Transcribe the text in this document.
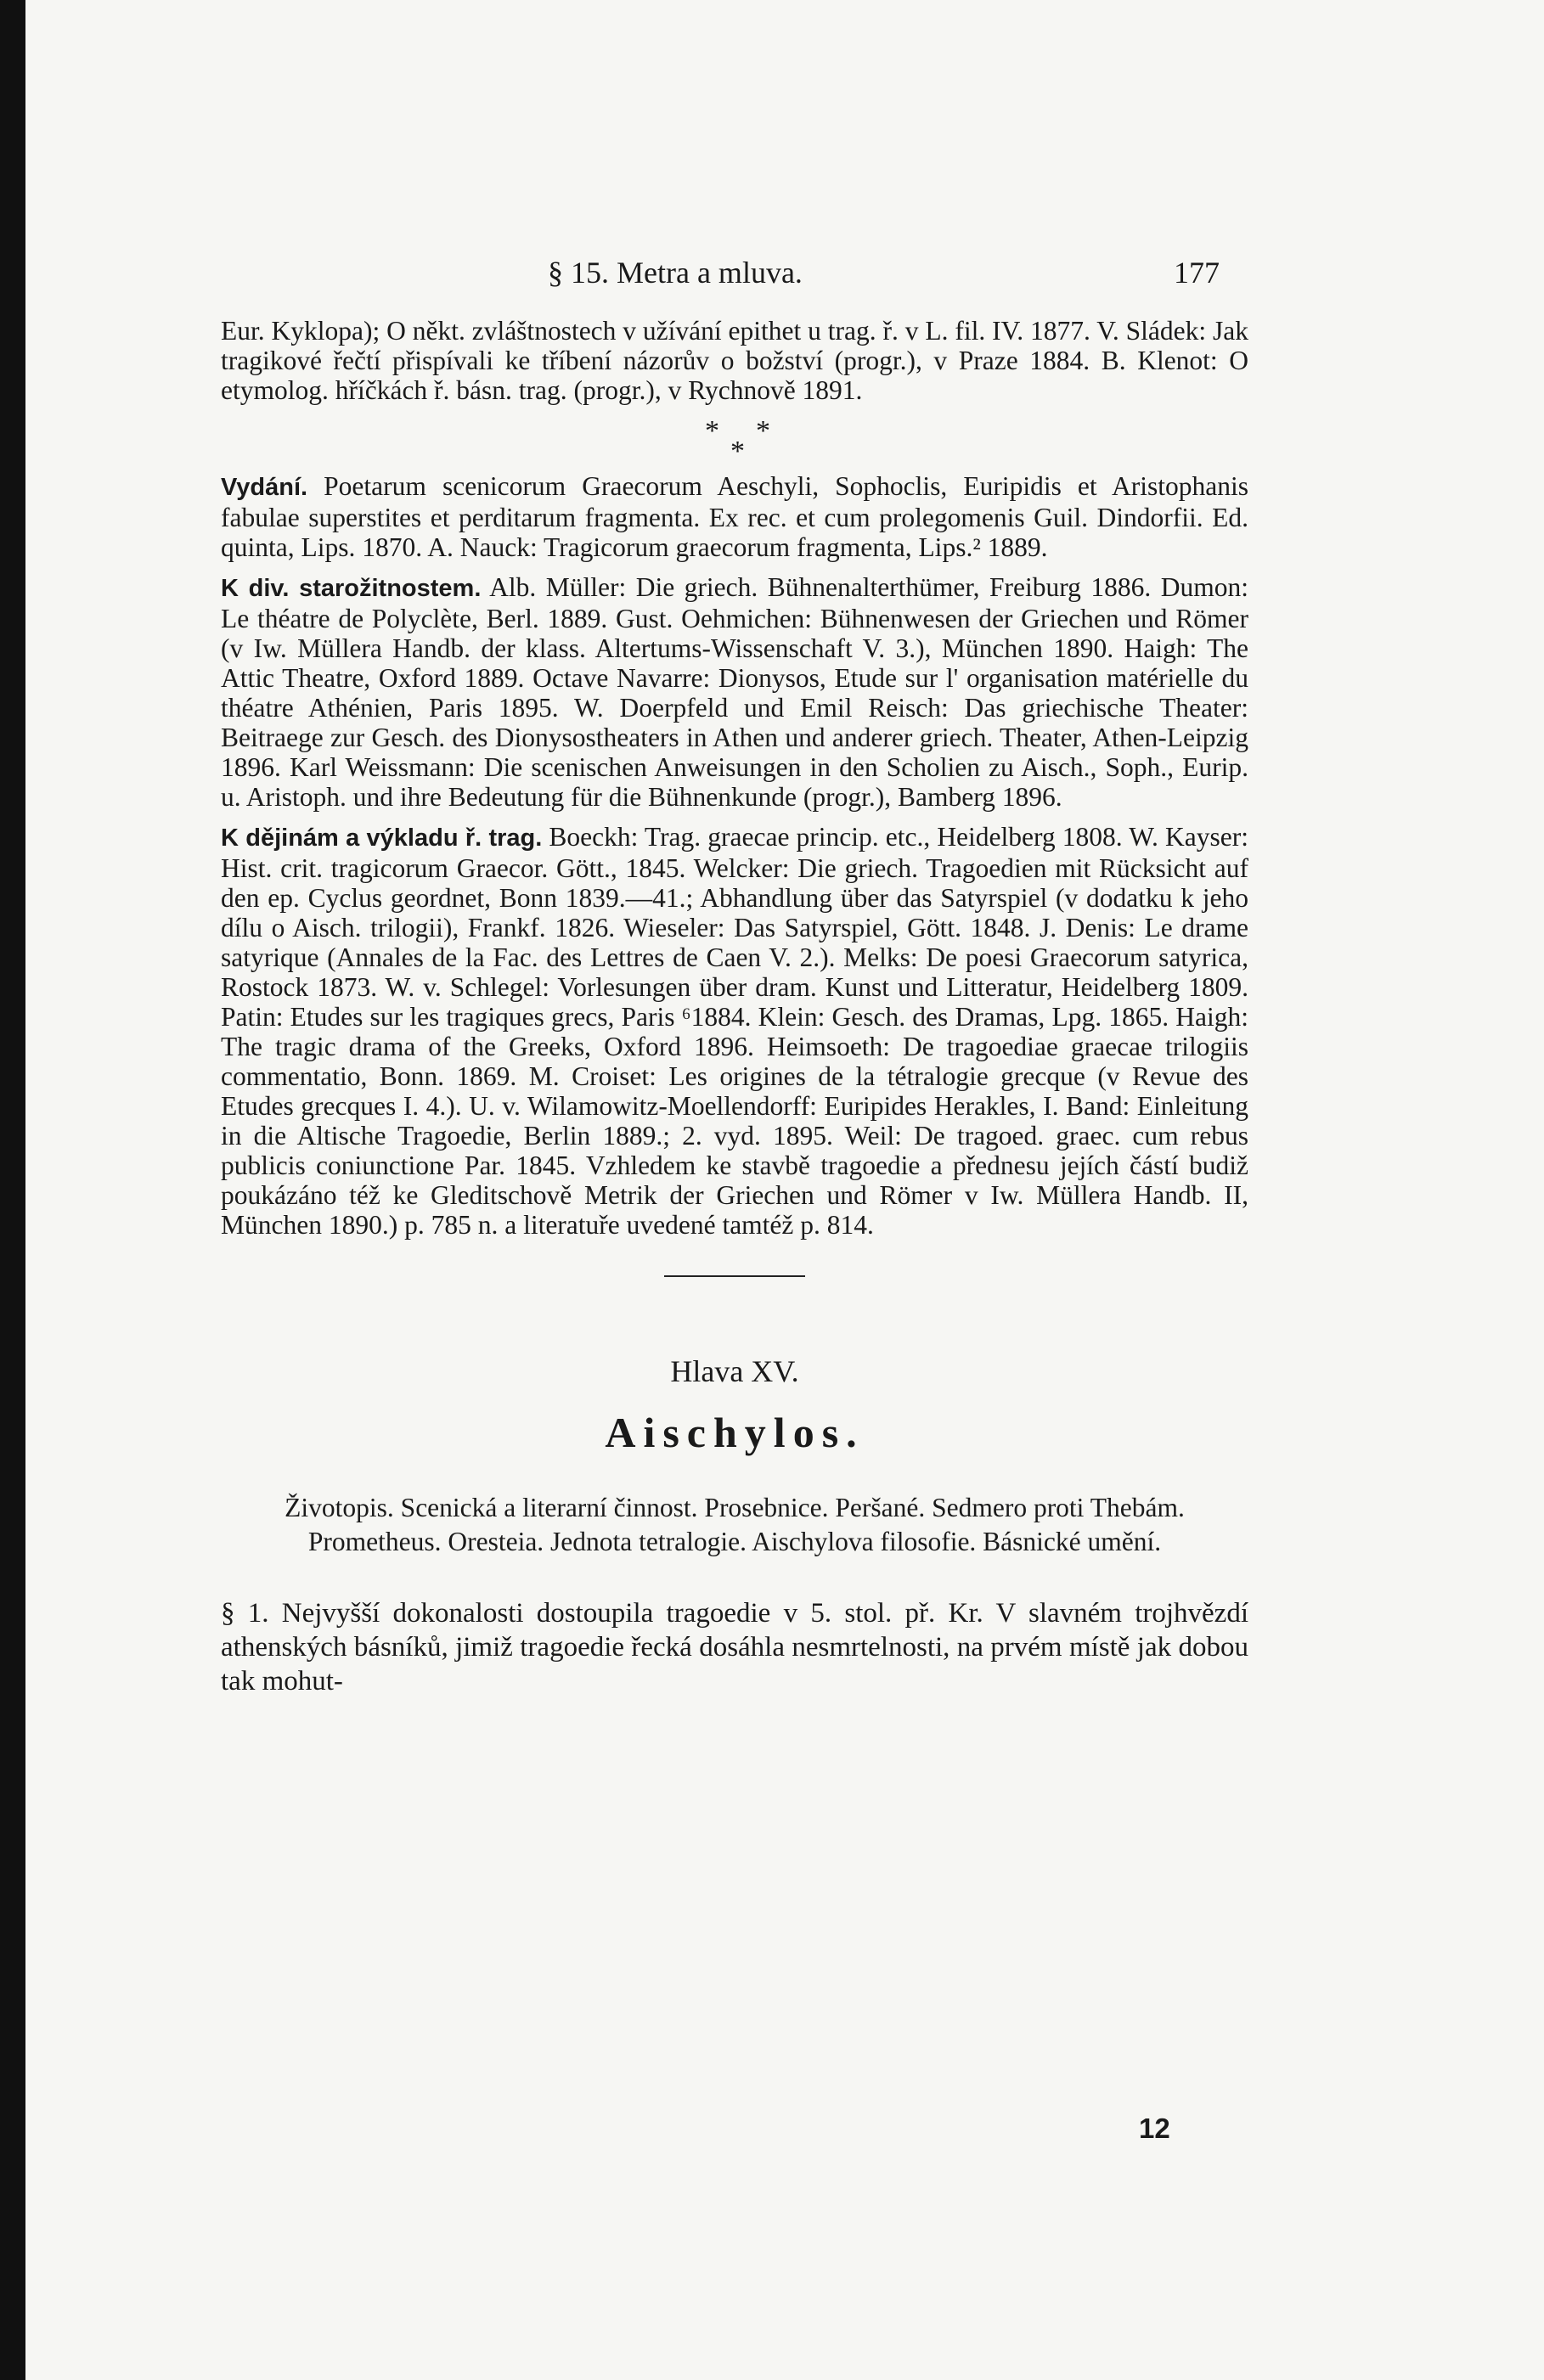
§ 15. Metra a mluva.	177

Eur. Kyklopa); O někt. zvláštnostech v užívání epithet u trag. ř. v L. fil. IV. 1877. V. Sládek: Jak tragikové řečtí přispívali ke tříbení názorův o božství (progr.), v Praze 1884. B. Klenot: O etymolog. hříčkách ř. básn. trag. (progr.), v Rychnově 1891.

*
*
*

Vydání. Poetarum scenicorum Graecorum Aeschyli, Sophoclis, Euripidis et Aristophanis fabulae superstites et perditarum fragmenta. Ex rec. et cum prolegomenis Guil. Dindorfii. Ed. quinta, Lips. 1870. A. Nauck: Tragicorum graecorum fragmenta, Lips.² 1889.

K div. starožitnostem. Alb. Müller: Die griech. Bühnenalterthümer, Freiburg 1886. Dumon: Le théatre de Polyclète, Berl. 1889. Gust. Oehmichen: Bühnenwesen der Griechen und Römer (v Iw. Müllera Handb. der klass. Altertums-Wissenschaft V. 3.), München 1890. Haigh: The Attic Theatre, Oxford 1889. Octave Navarre: Dionysos, Etude sur l' organisation matérielle du théatre Athénien, Paris 1895. W. Doerpfeld und Emil Reisch: Das griechische Theater: Beitraege zur Gesch. des Dionysostheaters in Athen und anderer griech. Theater, Athen-Leipzig 1896. Karl Weissmann: Die scenischen Anweisungen in den Scholien zu Aisch., Soph., Eurip. u. Aristoph. und ihre Bedeutung für die Bühnenkunde (progr.), Bamberg 1896.

K dějinám a výkladu ř. trag. Boeckh: Trag. graecae princip. etc., Heidelberg 1808. W. Kayser: Hist. crit. tragicorum Graecor. Gött., 1845. Welcker: Die griech. Tragoedien mit Rücksicht auf den ep. Cyclus geordnet, Bonn 1839.—41.; Abhandlung über das Satyrspiel (v dodatku k jeho dílu o Aisch. trilogii), Frankf. 1826. Wieseler: Das Satyrspiel, Gött. 1848. J. Denis: Le drame satyrique (Annales de la Fac. des Lettres de Caen V. 2.). Melks: De poesi Graecorum satyrica, Rostock 1873. W. v. Schlegel: Vorlesungen über dram. Kunst und Litteratur, Heidelberg 1809. Patin: Etudes sur les tragiques grecs, Paris ⁶1884. Klein: Gesch. des Dramas, Lpg. 1865. Haigh: The tragic drama of the Greeks, Oxford 1896. Heimsoeth: De tragoediae graecae trilogiis commentatio, Bonn. 1869. M. Croiset: Les origines de la tétralogie grecque (v Revue des Etudes grecques I. 4.). U. v. Wilamowitz-Moellendorff: Euripides Herakles, I. Band: Einleitung in die Altische Tragoedie, Berlin 1889.; 2. vyd. 1895. Weil: De tragoed. graec. cum rebus publicis coniunctione Par. 1845. Vzhledem ke stavbě tragoedie a přednesu jejích částí budiž poukázáno též ke Gleditschově Metrik der Griechen und Römer v Iw. Müllera Handb. II, München 1890.) p. 785 n. a literatuře uvedené tamtéž p. 814.

Hlava XV.
Aischylos.
Životopis. Scenická a literarní činnost. Prosebnice. Peršané. Sedmero proti Thebám. Prometheus. Oresteia. Jednota tetralogie. Aischylova filosofie. Básnické umění.

§ 1. Nejvyšší dokonalosti dostoupila tragoedie v 5. stol. př. Kr. V slavném trojhvězdí athenských básníků, jimiž tragoedie řecká dosáhla nesmrtelnosti, na prvém místě jak dobou tak mohut-

12
